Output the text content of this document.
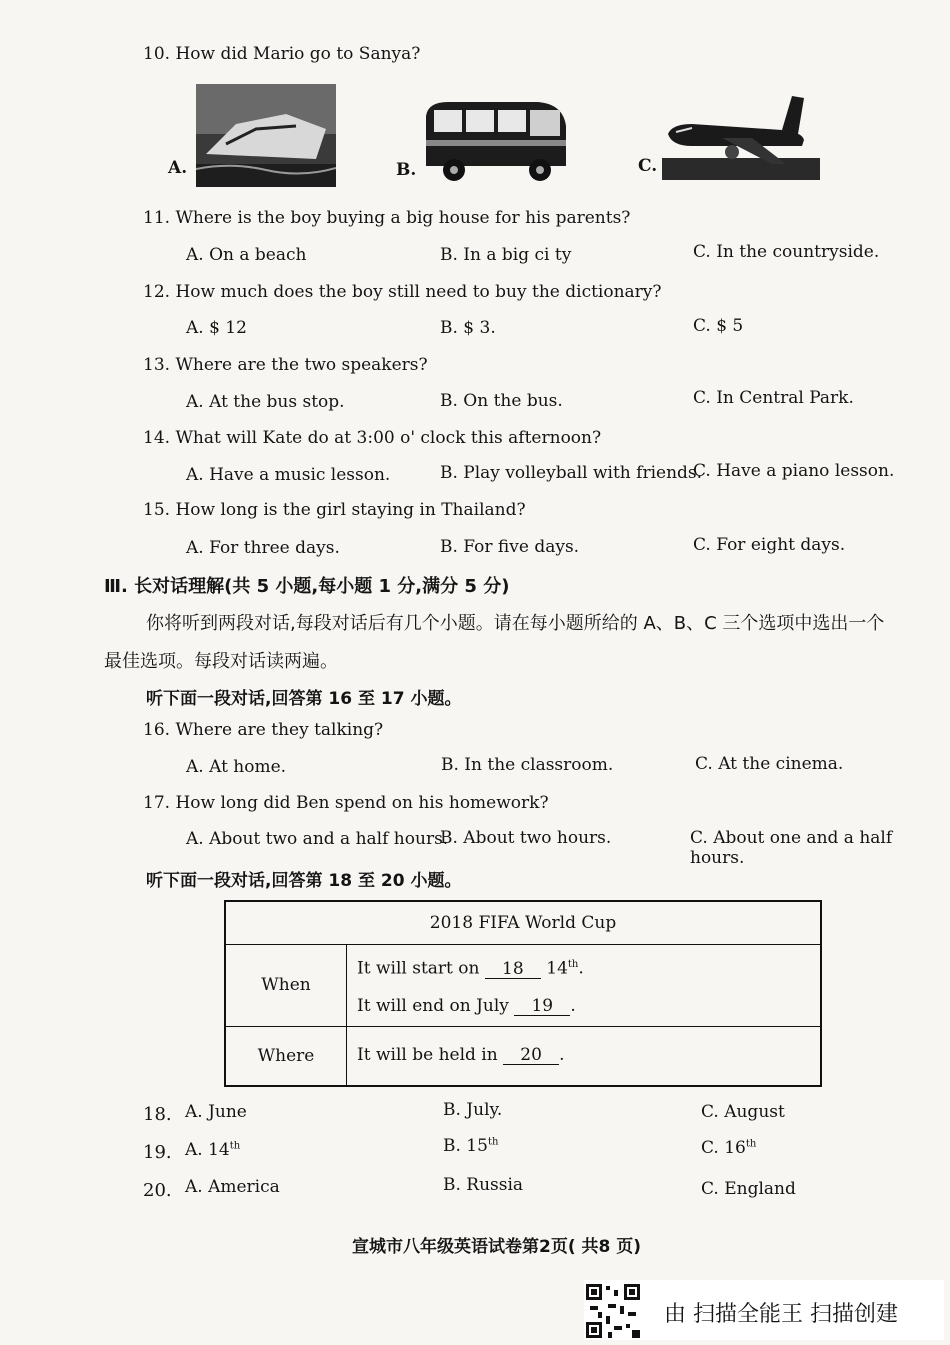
10. How did Mario go to Sanya?
A.	B.	C.
11. Where is the boy buying a big house for his parents?
A. On a beach	B. In a big ci ty	C. In the countryside.
12. How much does the boy still need to buy the dictionary?
A. $ 12	B. $ 3.	C. $ 5
13. Where are the two speakers?
A. At the bus stop.	B. On the bus.	C. In Central Park.
14. What will Kate do at 3:00 o' clock this afternoon?
A. Have a music lesson.	B. Play volleyball with friends.
C. Have a piano lesson.
15. How long is the girl staying in Thailand?
A. For three days.	B. For five days.	C. For eight days.
Ⅲ. 长对话理解(共 5 小题,每小题 1 分,满分 5 分)
你将听到两段对话,每段对话后有几个小题。请在每小题所给的 A、B、C 三个选项中选出一个
最佳选项。每段对话读两遍。
听下面一段对话,回答第 16 至 17 小题。
16. Where are they talking?
A. At home.	B. In the classroom.	C. At the cinema.
17. How long did Ben spend on his homework?
A. About two and a half hours.
B. About two hours.	C. About one and a half hours.
听下面一段对话,回答第 18 至 20 小题。
2018 FIFA World Cup	
When	It will start on 18 14th.
It will end on July 19 .

Where	It will be held in 20 .
18. A. June	B. July.	C. August
19. A. 14th	B. 15th	C. 16th
20. A. America	B. Russia	C. England
宣城市八年级英语试卷第2页( 共8 页)
由 扫描全能王 扫描创建
